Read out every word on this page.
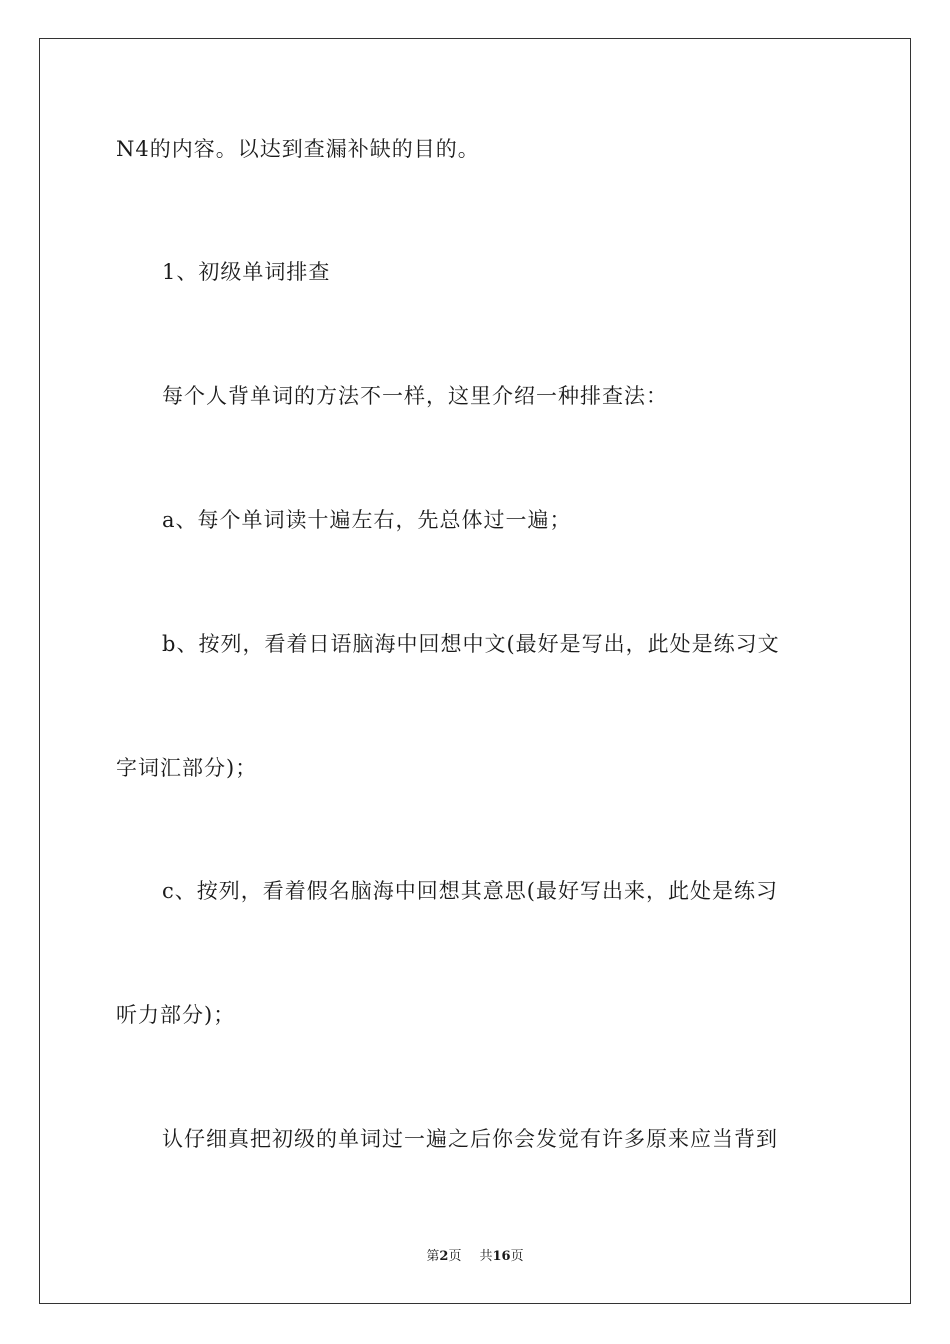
N4的内容。以达到查漏补缺的目的。
1、初级单词排查
每个人背单词的方法不一样，这里介绍一种排查法：
a、每个单词读十遍左右，先总体过一遍；
b、按列，看着日语脑海中回想中文(最好是写出，此处是练习文
字词汇部分)；
c、按列，看着假名脑海中回想其意思(最好写出来，此处是练习
听力部分)；
认仔细真把初级的单词过一遍之后你会发觉有许多原来应当背到
第2页 共16页
